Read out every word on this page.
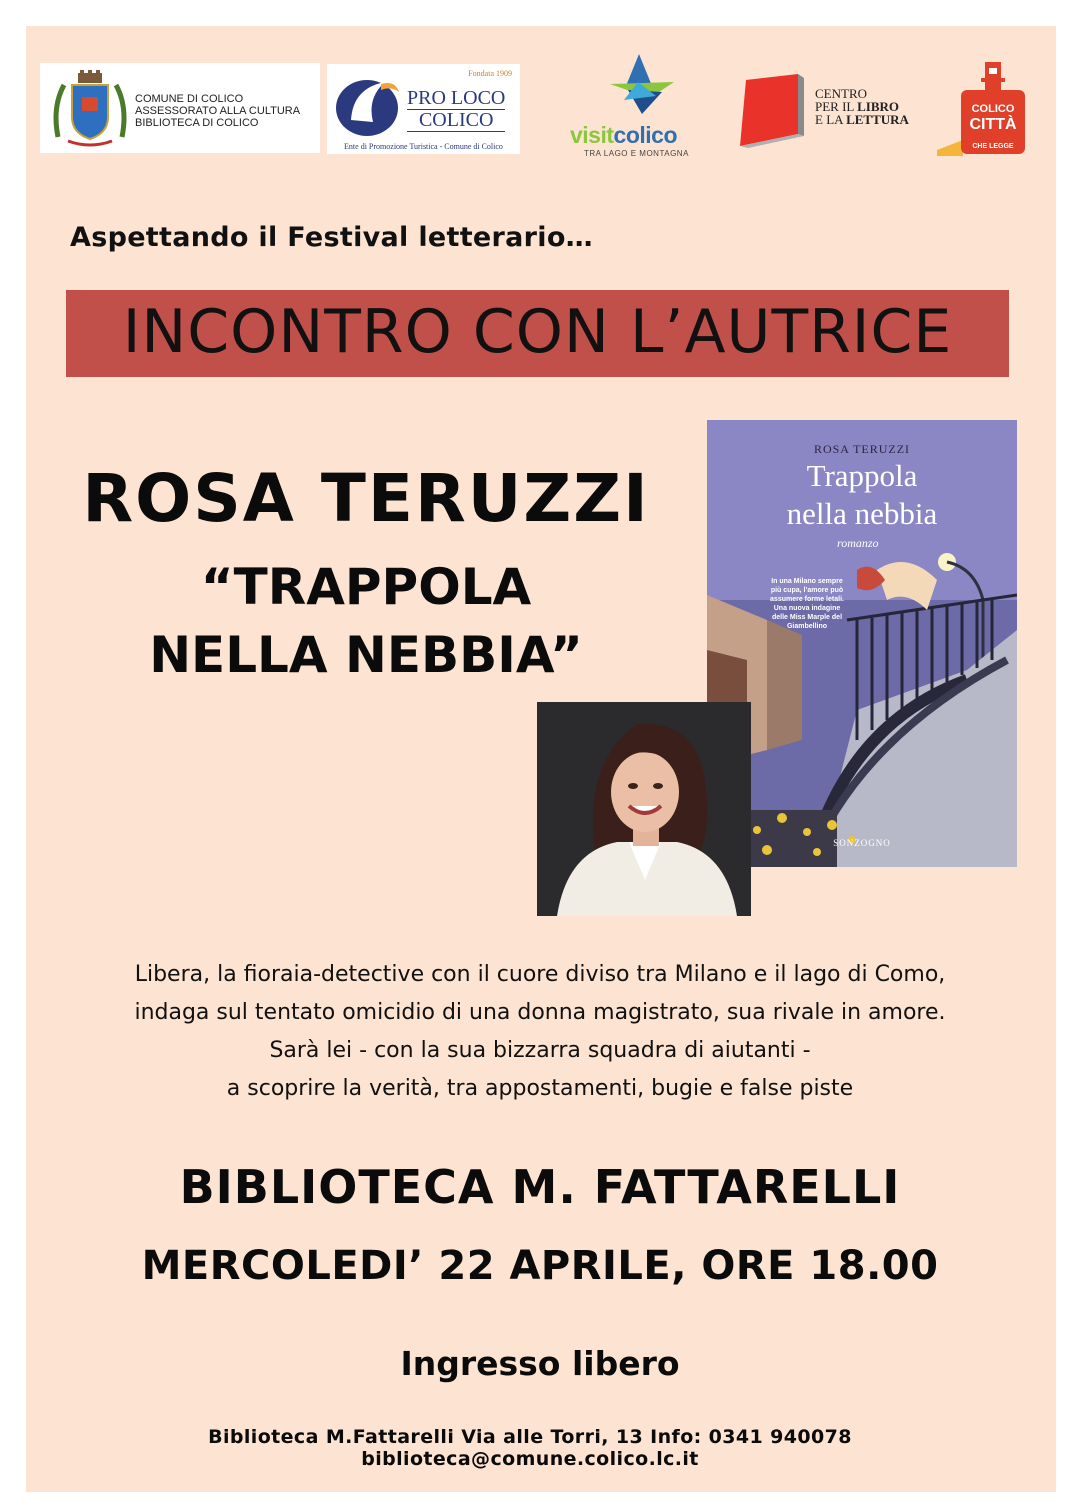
COMUNE DI COLICO
ASSESSORATO ALLA CULTURA
BIBLIOTECA DI COLICO
Fondata 1909
PRO LOCO
COLICO
Ente di Promozione Turistica - Comune di Colico	visitcolico
TRA LAGO E MONTAGNA
CENTRO
PER IL LIBRO
E LA LETTURA
COLICO
CITTÀ
CHE LEGGE
Aspettando il Festival letterario…
INCONTRO CON L’AUTRICE
ROSA TERUZZI
“TRAPPOLA
NELLA NEBBIA”
ROSA TERUZZI
Trappola
nella nebbia
romanzo
In una Milano sempre più cupa, l’amore può assumere forme letali. Una nuova indagine delle Miss Marple del Giambellino
SONZOGNO
Libera, la fioraia-detective con il cuore diviso tra Milano e il lago di Como,
indaga sul tentato omicidio di una donna magistrato, sua rivale in amore.
Sarà lei - con la sua bizzarra squadra di aiutanti -
a scoprire la verità, tra appostamenti, bugie e false piste
BIBLIOTECA M. FATTARELLI
MERCOLEDI’ 22 APRILE, ORE 18.00
Ingresso libero
Biblioteca M.Fattarelli Via alle Torri, 13 Info: 0341 940078 biblioteca@comune.colico.lc.it
